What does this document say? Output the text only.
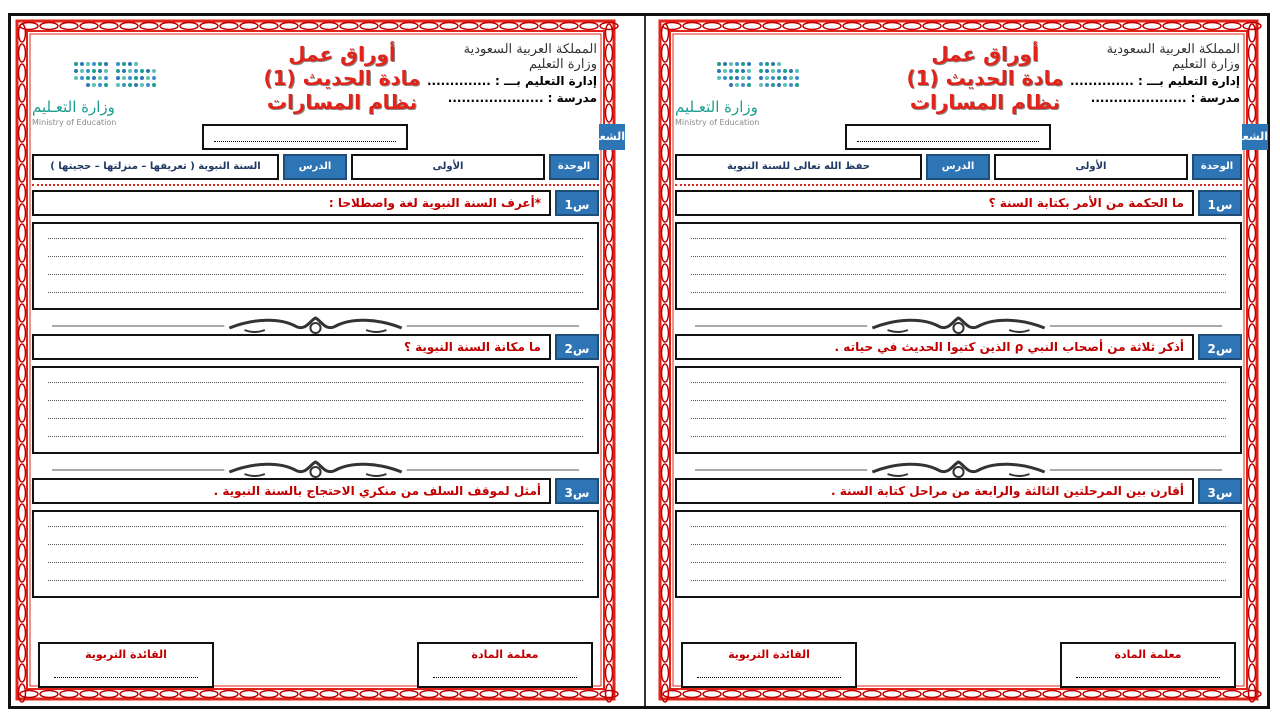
المملكة العربية السعودية
وزارة التعليم
إدارة التعليم بـــ : ..............
مدرسة : .....................
أوراق عمل
مادة الحديث (1)
نظام المسارات
وزارة التعـليم
Ministry of Education
الشعبة
الوحدة
الأولى
الدرس
حفظ الله تعالى للسنة النبوية
س1
ما الحكمة من الأمر بكتابة السنة ؟
س2
أذكر ثلاثة من أصحاب النبي ρ الذين كتبوا الحديث في حياته .
س3
أقارن بين المرحلتين الثالثة والرابعة من مراحل كتابة السنة .
معلمة المادة
القائدة التربوية
المملكة العربية السعودية
وزارة التعليم
إدارة التعليم بـــ : ..............
مدرسة : .....................
أوراق عمل
مادة الحديث (1)
نظام المسارات
وزارة التعـليم
Ministry of Education
الشعبة
الوحدة
الأولى
الدرس
السنة النبوية ( تعريفها – منزلتها – حجيتها )
س1
*أعرف السنة النبوية لغة واصطلاحا :
س2
ما مكانة السنة النبوية ؟
س3
أمثل لموقف السلف من منكري الاحتجاج بالسنة النبوية .
معلمة المادة
القائدة التربوية
